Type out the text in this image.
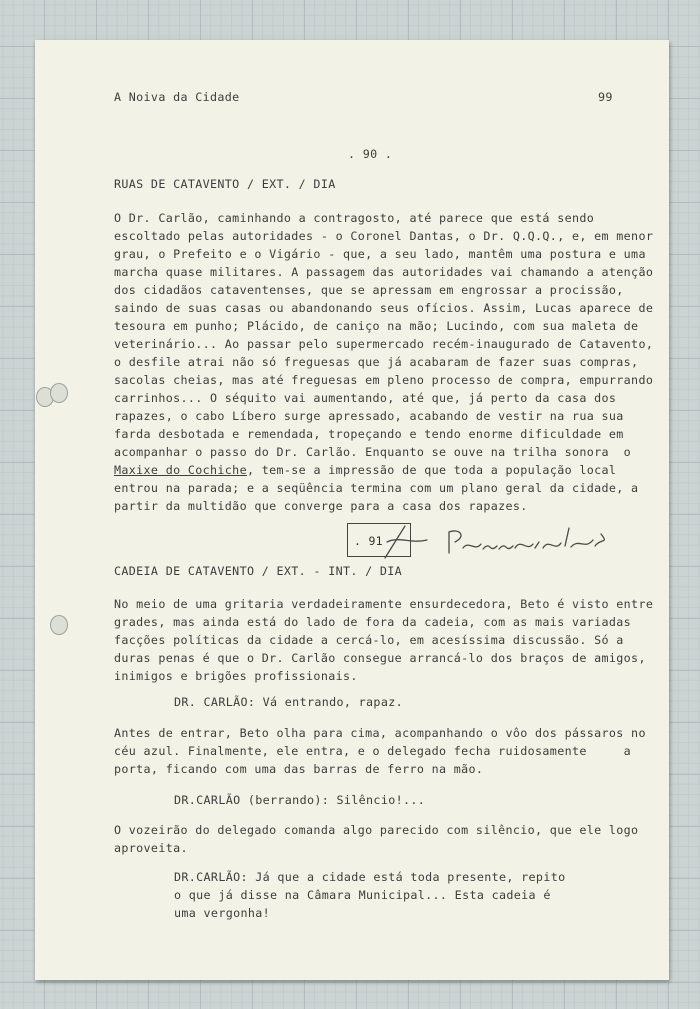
A Noiva da Cidade	99

. 90 .

RUAS DE CATAVENTO / EXT. / DIA

O Dr. Carlão, caminhando a contragosto, até parece que está sendo

escoltado pelas autoridades - o Coronel Dantas, o Dr. Q.Q.Q., e, em menor

grau, o Prefeito e o Vigário - que, a seu lado, mantêm uma postura e uma

marcha quase militares. A passagem das autoridades vai chamando a atenção

dos cidadãos cataventenses, que se apressam em engrossar a procissão,

saindo de suas casas ou abandonando seus ofícios. Assim, Lucas aparece de

tesoura em punho; Plácido, de caniço na mão; Lucindo, com sua maleta de

veterinário... Ao passar pelo supermercado recém-inaugurado de Catavento,

o desfile atrai não só freguesas que já acabaram de fazer suas compras,

sacolas cheias, mas até freguesas em pleno processo de compra, empurrando

carrinhos... O séquito vai aumentando, até que, já perto da casa dos

rapazes, o cabo Líbero surge apressado, acabando de vestir na rua sua

farda desbotada e remendada, tropeçando e tendo enorme dificuldade em

acompanhar o passo do Dr. Carlão. Enquanto se ouve na trilha sonora  o

Maxixe do Cochiche, tem-se a impressão de que toda a população local

entrou na parada; e a seqüência termina com um plano geral da cidade, a

partir da multidão que converge para a casa dos rapazes.

. 91

CADEIA DE CATAVENTO / EXT. - INT. / DIA

No meio de uma gritaria verdadeiramente ensurdecedora, Beto é visto entre

grades, mas ainda está do lado de fora da cadeia, com as mais variadas

facções políticas da cidade a cercá-lo, em acesíssima discussão. Só a

duras penas é que o Dr. Carlão consegue arrancá-lo dos braços de amigos,

inimigos e brigões profissionais.

DR. CARLÃO: Vá entrando, rapaz.

Antes de entrar, Beto olha para cima, acompanhando o vôo dos pássaros no

céu azul. Finalmente, ele entra, e o delegado fecha ruidosamente     a

porta, ficando com uma das barras de ferro na mão.

DR.CARLÃO (berrando): Silêncio!...

O vozeirão do delegado comanda algo parecido com silêncio, que ele logo

aproveita.

DR.CARLÃO: Já que a cidade está toda presente, repito

o que já disse na Câmara Municipal... Esta cadeia é

uma vergonha!
